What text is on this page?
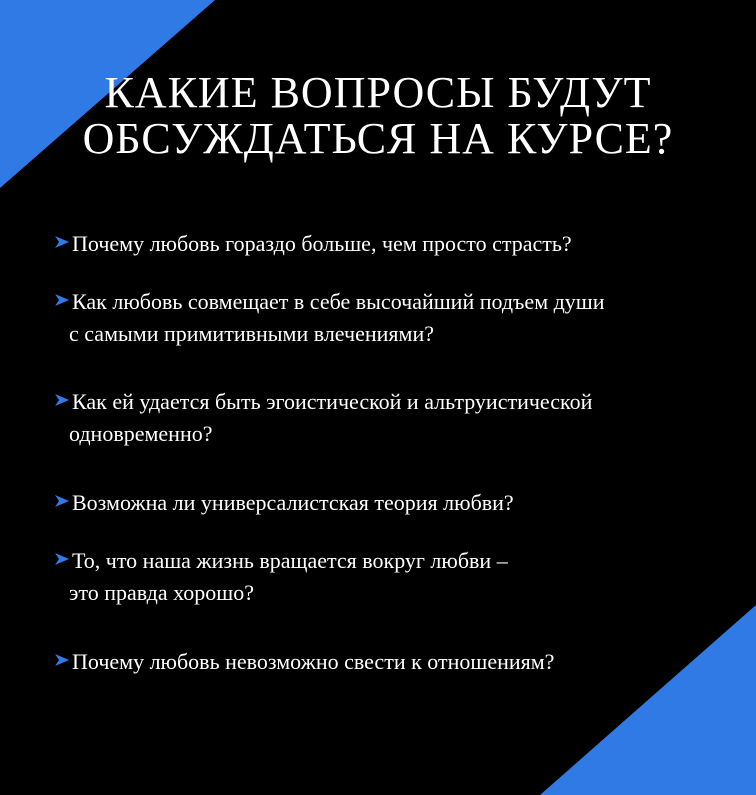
КАКИЕ ВОПРОСЫ БУДУТ
ОБСУЖДАТЬСЯ НА КУРСЕ?
Почему любовь гораздо больше, чем просто страсть?
Как любовь совмещает в себе высочайший подъем души
с самыми примитивными влечениями?
Как ей удается быть эгоистической и альтруистической
одновременно?
Возможна ли универсалистская теория любви?
То, что наша жизнь вращается вокруг любви –
это правда хорошо?
Почему любовь невозможно свести к отношениям?
